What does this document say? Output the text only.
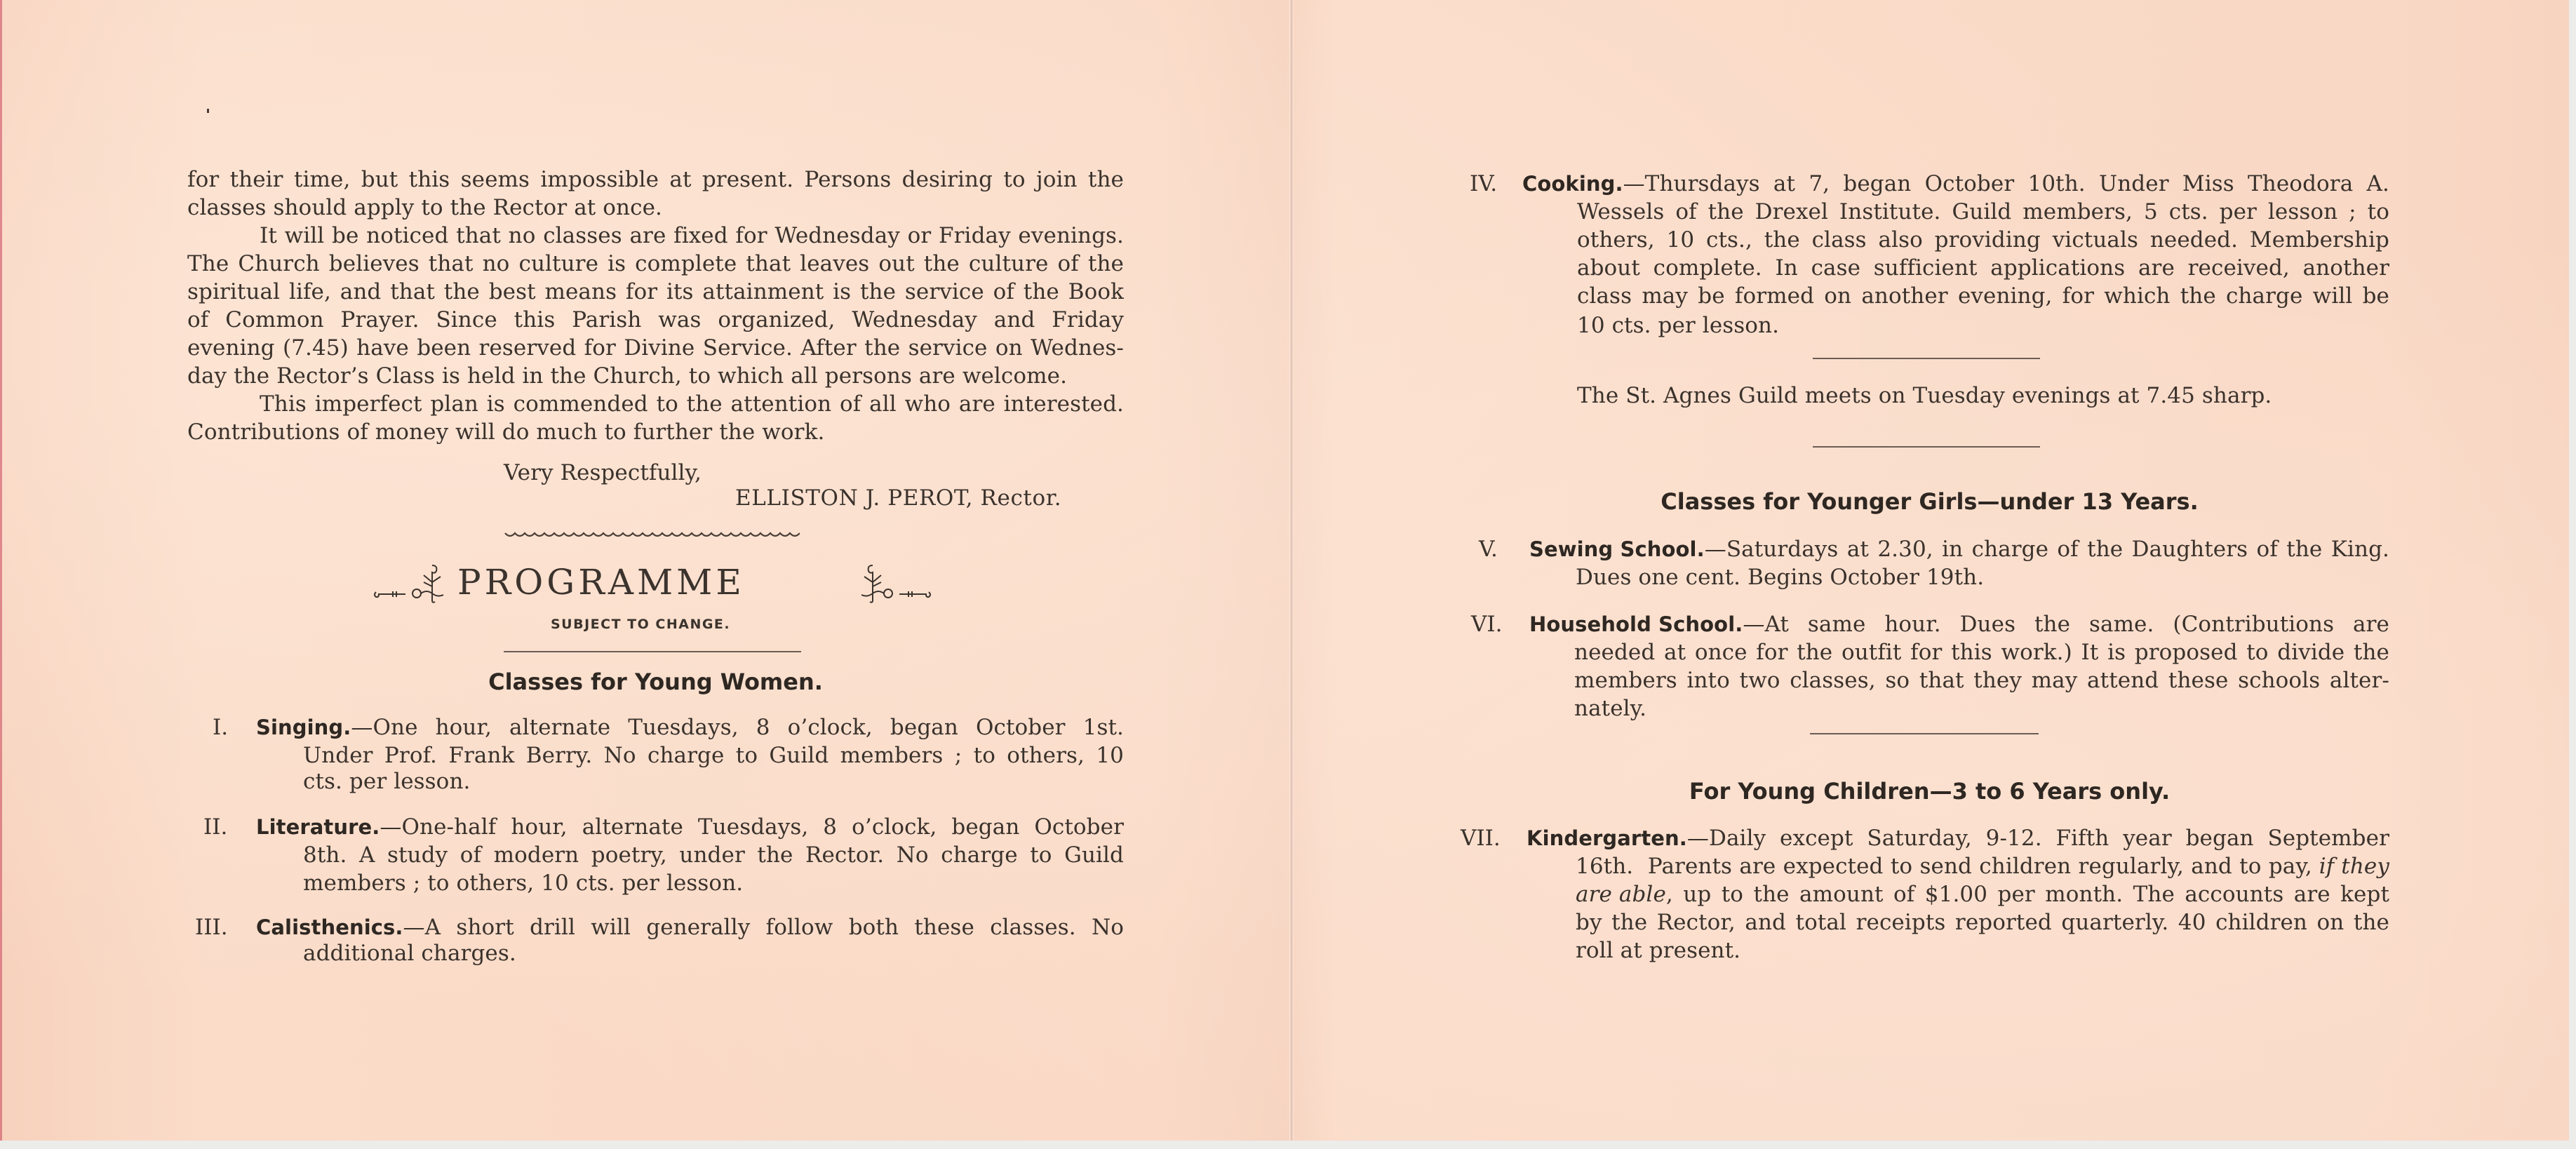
for their time, but this seems impossible at present. Persons desiring to join the
classes should apply to the Rector at once.
It will be noticed that no classes are fixed for Wednesday or Friday evenings.
The Church believes that no culture is complete that leaves out the culture of the
spiritual life, and that the best means for its attainment is the service of the Book
of Common Prayer. Since this Parish was organized, Wednesday and Friday
evening (7.45) have been reserved for Divine Service. After the service on Wednes-
day the Rector’s Class is held in the Church, to which all persons are welcome.
This imperfect plan is commended to the attention of all who are interested.
Contributions of money will do much to further the work.
Very Respectfully,
ELLISTON J. PEROT, Rector.
PROGRAMME
SUBJECT TO CHANGE.
Classes for Young Women.
I. Singing. —One hour, alternate Tuesdays, 8 o’clock, began October 1st.
Under Prof. Frank Berry. No charge to Guild members ; to others, 10
cts. per lesson.
II. Literature. —One-half hour, alternate Tuesdays, 8 o’clock, began October
8th. A study of modern poetry, under the Rector. No charge to Guild
members ; to others, 10 cts. per lesson.
III. Calisthenics. —A short drill will generally follow both these classes. No
additional charges.
IV. Cooking. —Thursdays at 7, began October 10th. Under Miss Theodora A.
Wessels of the Drexel Institute. Guild members, 5 cts. per lesson ; to
others, 10 cts., the class also providing victuals needed. Membership
about complete. In case sufficient applications are received, another
class may be formed on another evening, for which the charge will be
10 cts. per lesson.
The St. Agnes Guild meets on Tuesday evenings at 7.45 sharp.
Classes for Younger Girls—under 13 Years.
V. Sewing School. —Saturdays at 2.30, in charge of the Daughters of the King.
Dues one cent. Begins October 19th.
VI. Household School. —At same hour. Dues the same. (Contributions are
needed at once for the outfit for this work.) It is proposed to divide the
members into two classes, so that they may attend these schools alter-
nately.
For Young Children—3 to 6 Years only.
VII. Kindergarten. —Daily except Saturday, 9-12. Fifth year began September
16th.  Parents are expected to send children regularly, and to pay, if they
are able , up to the amount of $1.00 per month. The accounts are kept
by the Rector, and total receipts reported quarterly. 40 children on the
roll at present.
